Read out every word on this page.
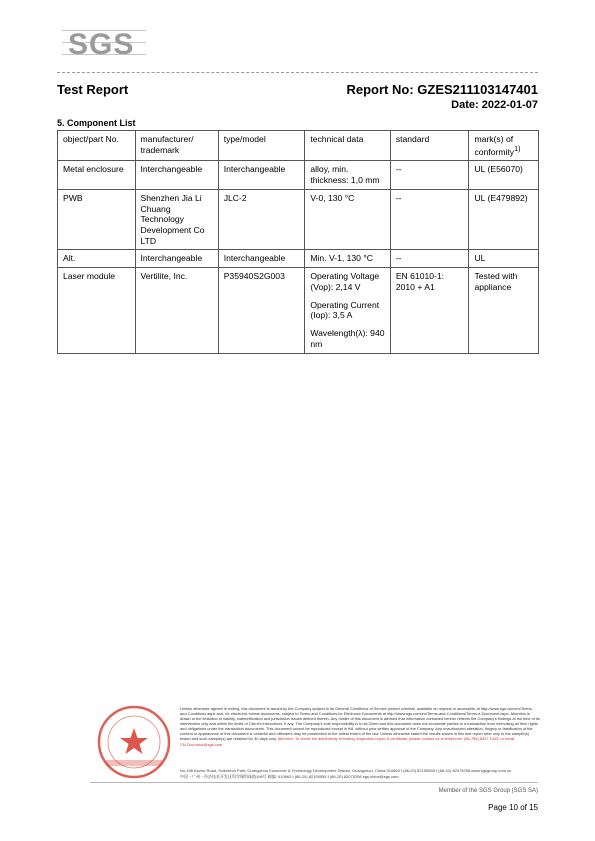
SGS
Test Report	Report No: GZES211103147401
Date: 2022-01-07
5. Component List
object/part No.	manufacturer/ trademark	type/model	technical data	standard	mark(s) of conformity$^{1)}$
Metal enclosure	Interchangeable	Interchangeable	alloy, min. thickness: 1,0 mm	--	UL (E56070)
PWB	Shenzhen Jia Li Chuang Technology Development Co LTD	JLC-2	V-0, 130 °C	--	UL (E479892)
Alt.	Interchangeable	Interchangeable	Min. V-1, 130 °C	--	UL
Laser module	Vertilite, Inc.	P35940S2G003	Operating Voltage (Vop): 2,14 V

Operating Current (Iop): 3,5 A

Wavelength(λ): 940 nm	EN 61010-1: 2010 + A1	Tested with appliance
Unless otherwise agreed in writing, this document is issued by the Company subject to its General Conditions of Service printed overleaf, available on request or accessible at http://www.sgs.com/en/Terms-and-Conditions.aspx and, for electronic format documents, subject to Terms and Conditions for Electronic Documents at http://www.sgs.com/en/Terms-and-Conditions/Terms-e-Document.aspx. Attention is drawn to the limitation of liability, indemnification and jurisdiction issues defined therein. Any holder of this document is advised that information contained hereon reflects the Company's findings at the time of its intervention only and within the limits of Client's instructions, if any. The Company's sole responsibility is to its Client and this document does not exonerate parties to a transaction from exercising all their rights and obligations under the transaction documents. This document cannot be reproduced except in full, without prior written approval of the Company. Any unauthorized alteration, forgery or falsification of the content or appearance of this document is unlawful and offenders may be prosecuted to the fullest extent of the law. Unless otherwise stated the results shown in this test report refer only to the sample(s) tested and such sample(s) are retained for 30 days only. Attention: To check the authenticity of testing /inspection report & certificate, please contact us at telephone: (86-755) 8307 1443, or email: CN.Doccheck@sgs.com
No.198 Kezhu Road, Scientech Park, Guangzhou Economic & Technology Development District, Guangzhou, China 510663 t (86-20) 82155555 f (86-20) 82075258 www.sgsgroup.com.cn
中国・广州・经济技术开发区科学城科珠路198号 邮编: 510663 t (86-20) 82155555 f (86-20) 82075258 sgs.china@sgs.com
Member of the SGS Group (SGS SA)
Page 10 of 15
